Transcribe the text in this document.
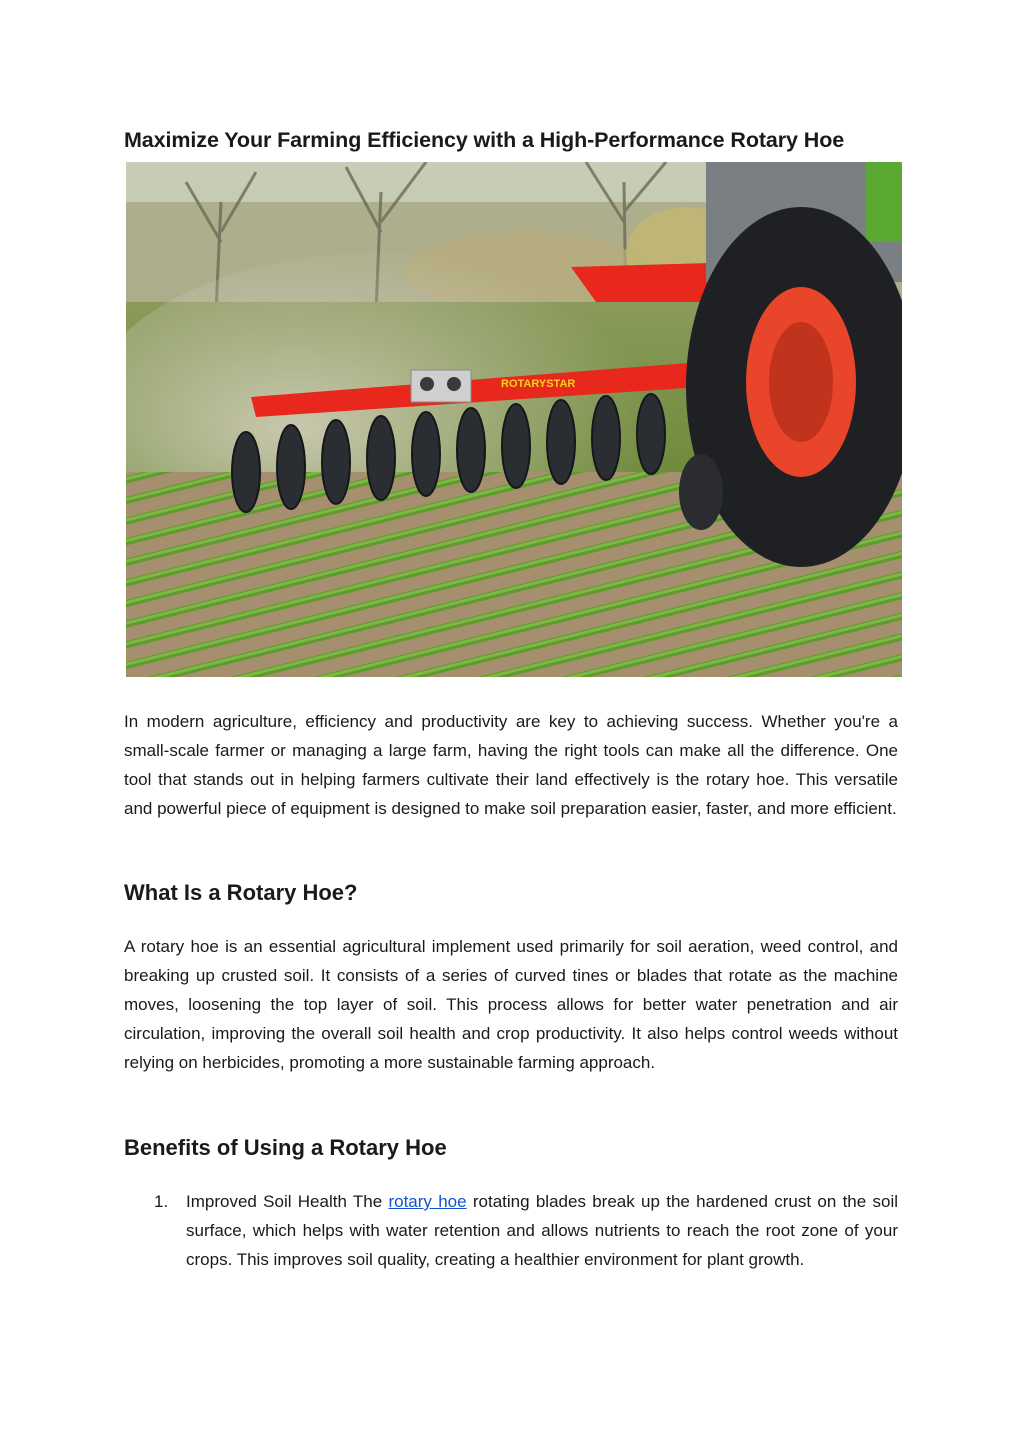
Maximize Your Farming Efficiency with a High-Performance Rotary Hoe
ROTARYSTAR

In modern agriculture, efficiency and productivity are key to achieving success. Whether you're a small-scale farmer or managing a large farm, having the right tools can make all the difference. One tool that stands out in helping farmers cultivate their land effectively is the rotary hoe. This versatile and powerful piece of equipment is designed to make soil preparation easier, faster, and more efficient.

What Is a Rotary Hoe?

A rotary hoe is an essential agricultural implement used primarily for soil aeration, weed control, and breaking up crusted soil. It consists of a series of curved tines or blades that rotate as the machine moves, loosening the top layer of soil. This process allows for better water penetration and air circulation, improving the overall soil health and crop productivity. It also helps control weeds without relying on herbicides, promoting a more sustainable farming approach.

Benefits of Using a Rotary Hoe
1. Improved Soil Health The rotary hoe rotating blades break up the hardened crust on the soil surface, which helps with water retention and allows nutrients to reach the root zone of your crops. This improves soil quality, creating a healthier environment for plant growth.
